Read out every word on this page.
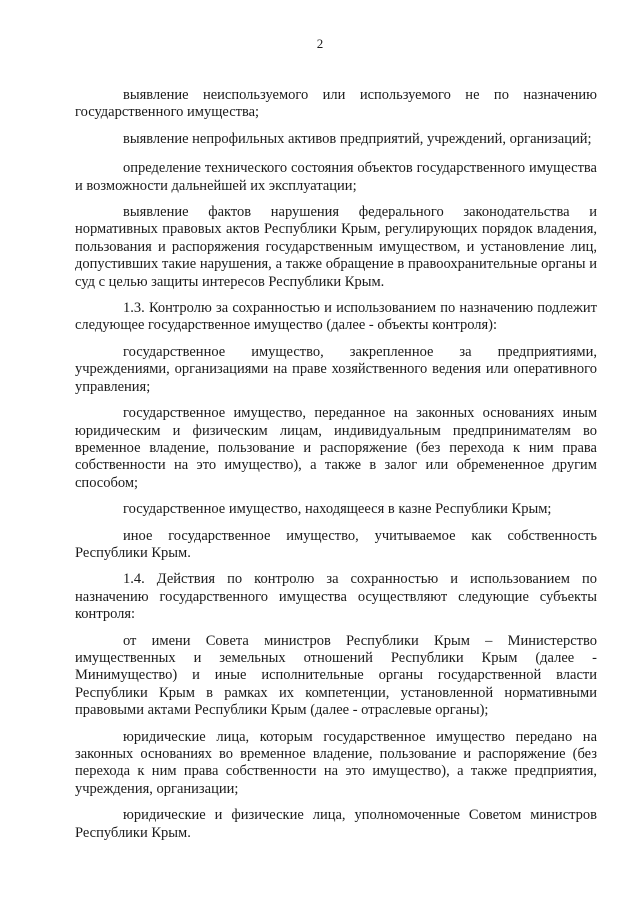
2

выявление неиспользуемого или используемого не по назначению государственного имущества;

выявление непрофильных активов предприятий, учреждений, организаций;

определение технического состояния объектов государственного имущества и возможности дальнейшей их эксплуатации;

выявление фактов нарушения федерального законодательства и нормативных правовых актов Республики Крым, регулирующих порядок владения, пользования и распоряжения государственным имуществом, и установление лиц, допустивших такие нарушения, а также обращение в правоохранительные органы и суд с целью защиты интересов Республики Крым.

1.3. Контролю за сохранностью и использованием по назначению подлежит следующее государственное имущество (далее - объекты контроля):

государственное имущество, закрепленное за предприятиями, учреждениями, организациями на праве хозяйственного ведения или оперативного управления;

государственное имущество, переданное на законных основаниях иным юридическим и физическим лицам, индивидуальным предпринимателям во временное владение, пользование и распоряжение (без перехода к ним права собственности на это имущество), а также в залог или обремененное другим способом;

государственное имущество, находящееся в казне Республики Крым;

иное государственное имущество, учитываемое как собственность Республики Крым.

1.4. Действия по контролю за сохранностью и использованием по назначению государственного имущества осуществляют следующие субъекты контроля:

от имени Совета министров Республики Крым – Министерство имущественных и земельных отношений Республики Крым (далее - Минимущество) и иные исполнительные органы государственной власти Республики Крым в рамках их компетенции, установленной нормативными правовыми актами Республики Крым (далее - отраслевые органы);

юридические лица, которым государственное имущество передано на законных основаниях во временное владение, пользование и распоряжение (без перехода к ним права собственности на это имущество), а также предприятия, учреждения, организации;

юридические и физические лица, уполномоченные Советом министров Республики Крым.
